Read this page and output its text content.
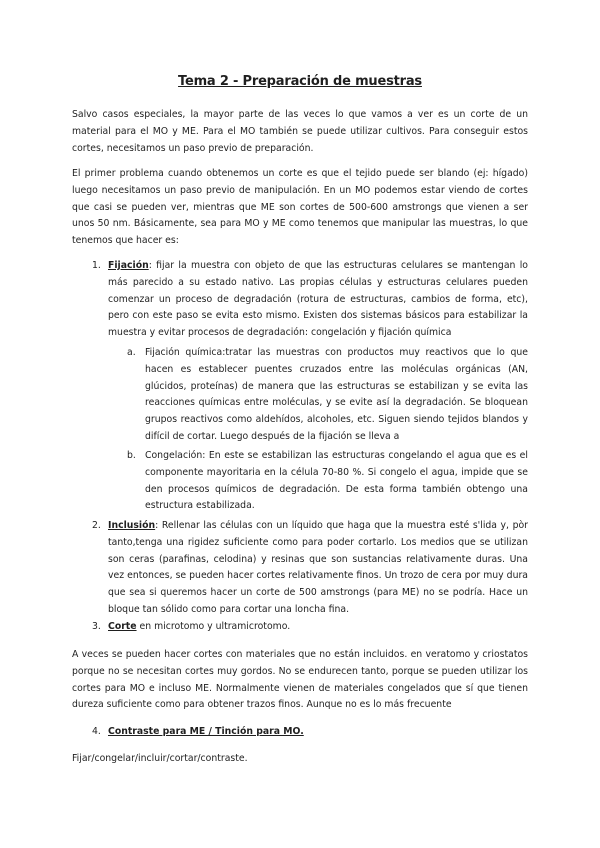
Tema 2 - Preparación de muestras

Salvo casos especiales, la mayor parte de las veces lo que vamos a ver es un corte de un material para el MO y ME. Para el MO también se puede utilizar cultivos. Para conseguir estos cortes, necesitamos un paso previo de preparación.

El primer problema cuando obtenemos un corte es que el tejido puede ser blando (ej: hígado) luego necesitamos un paso previo de manipulación. En un MO podemos estar viendo de cortes que casi se pueden ver, mientras que ME son cortes de 500-600 amstrongs que vienen a ser unos 50 nm. Básicamente, sea para MO y ME como tenemos que manipular las muestras, lo que tenemos que hacer es:

1. Fijación: fijar la muestra con objeto de que las estructuras celulares se mantengan lo más parecido a su estado nativo. Las propias células y estructuras celulares pueden comenzar un proceso de degradación (rotura de estructuras, cambios de forma, etc), pero con este paso se evita esto mismo. Existen dos sistemas básicos para estabilizar la muestra y evitar procesos de degradación: congelación y fijación química

a. Fijación química:tratar las muestras con productos muy reactivos que lo que hacen es establecer puentes cruzados entre las moléculas orgánicas (AN, glúcidos, proteínas) de manera que las estructuras se estabilizan y se evita las reacciones químicas entre moléculas, y se evite así la degradación. Se bloquean grupos reactivos como aldehídos, alcoholes, etc. Siguen siendo tejidos blandos y difícil de cortar. Luego después de la fijación se lleva a

b. Congelación: En este se estabilizan las estructuras congelando el agua que es el componente mayoritaria en la célula 70-80 %. Si congelo el agua, impide que se den procesos químicos de degradación. De esta forma también obtengo una estructura estabilizada.

2. Inclusión: Rellenar las células con un líquido que haga que la muestra esté s'lida y, pòr tanto,tenga una rigidez suficiente como para poder cortarlo. Los medios que se utilizan son ceras (parafinas, celodina) y resinas que son sustancias relativamente duras. Una vez entonces, se pueden hacer cortes relativamente finos. Un trozo de cera por muy dura que sea si queremos hacer un corte de 500 amstrongs (para ME) no se podría. Hace un bloque tan sólido como para cortar una loncha fina.

3. Corte en microtomo y ultramicrotomo.

A veces se pueden hacer cortes con materiales que no están incluidos. en veratomo y criostatos porque no se necesitan cortes muy gordos. No se endurecen tanto, porque se pueden utilizar los cortes para MO e incluso ME. Normalmente vienen de materiales congelados que sí que tienen dureza suficiente como para obtener trazos finos. Aunque no es lo más frecuente

4. Contraste para ME / Tinción para MO.

Fijar/congelar/incluir/cortar/contraste.
